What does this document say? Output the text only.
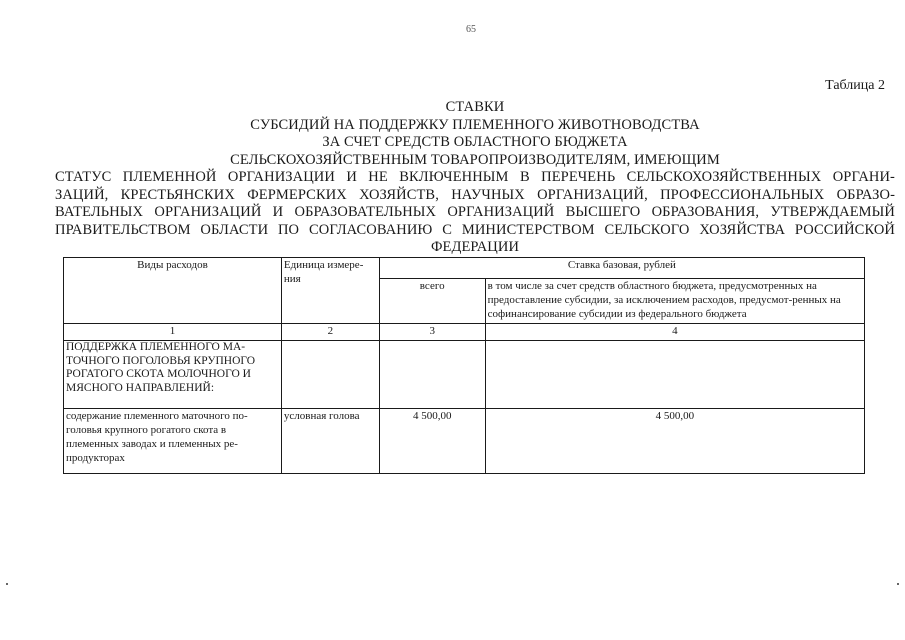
65
Таблица 2
СТАВКИ
СУБСИДИЙ НА ПОДДЕРЖКУ ПЛЕМЕННОГО ЖИВОТНОВОДСТВА
ЗА СЧЕТ СРЕДСТВ ОБЛАСТНОГО БЮДЖЕТА
СЕЛЬСКОХОЗЯЙСТВЕННЫМ ТОВАРОПРОИЗВОДИТЕЛЯМ, ИМЕЮЩИМ
СТАТУС ПЛЕМЕННОЙ ОРГАНИЗАЦИИ И НЕ ВКЛЮЧЕННЫМ В ПЕРЕЧЕНЬ СЕЛЬСКОХОЗЯЙСТВЕННЫХ ОРГАНИ-
ЗАЦИЙ, КРЕСТЬЯНСКИХ ФЕРМЕРСКИХ ХОЗЯЙСТВ, НАУЧНЫХ ОРГАНИЗАЦИЙ, ПРОФЕССИОНАЛЬНЫХ ОБРАЗО-
ВАТЕЛЬНЫХ ОРГАНИЗАЦИЙ И ОБРАЗОВАТЕЛЬНЫХ ОРГАНИЗАЦИЙ ВЫСШЕГО ОБРАЗОВАНИЯ, УТВЕРЖДАЕМЫЙ
ПРАВИТЕЛЬСТВОМ ОБЛАСТИ ПО СОГЛАСОВАНИЮ С МИНИСТЕРСТВОМ СЕЛЬСКОГО ХОЗЯЙСТВА РОССИЙСКОЙ
ФЕДЕРАЦИИ
Виды расходов	Единица измере-ния	Ставка базовая, рублей	
		всего	в том числе за счет средств областного бюджета, предусмотренных на предоставление субсидии, за исключением расходов, предусмот-ренных на софинансирование субсидии из федерального бюджета
1	2	3	4
ПОДДЕРЖКА ПЛЕМЕННОГО МА-ТОЧНОГО ПОГОЛОВЬЯ КРУПНОГО РОГАТОГО СКОТА МОЛОЧНОГО И МЯСНОГО НАПРАВЛЕНИЙ:			
содержание племенного маточного по-головья крупного рогатого скота в племенных заводах и племенных ре-продукторах	условная голова	4 500,00	4 500,00
